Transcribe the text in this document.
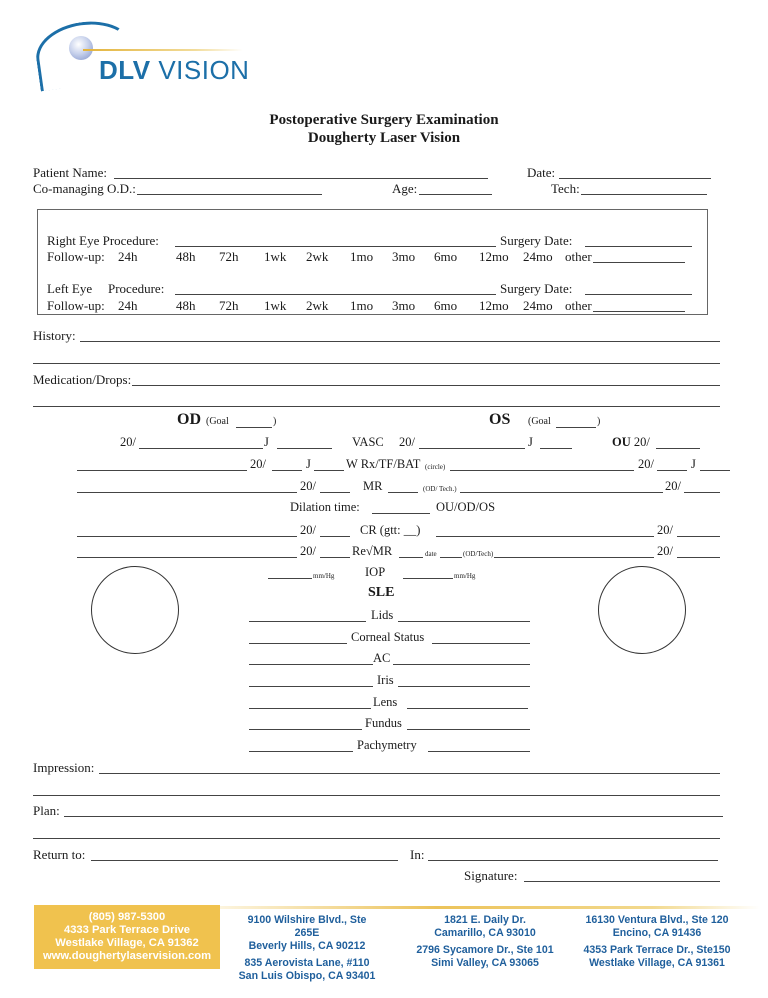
DLV VISION
Postoperative Surgery Examination
Dougherty Laser Vision
Patient Name:	Date:
Co-managing O.D.:	Age:	Tech:
Right Eye Procedure:	Surgery Date:
Follow-up: 24h	48h 72h 1wk 2wk 1mo 3mo 6mo 12mo 24mo other
Left Eye Procedure:	Surgery Date:
Follow-up: 24h	48h 72h 1wk 2wk 1mo 3mo 6mo 12mo 24mo other
History:
Medication/Drops:
OD (Goal	)	OS (Goal	)
20/	J	VASC 20/	J	OU 20/
20/	J	W Rx/TF/BAT (circle)	20/	J
20/	MR	(OD/ Tech.)	20/
Dilation time:	OU/OD/OS
20/	CR (gtt: __)	20/
20/	Re√MR	date	(OD/Tech)	20/
mm/Hg IOP	mm/Hg
SLE
Lids
Corneal Status
AC
Iris
Lens
Fundus
Pachymetry
Impression:
Plan:
Return to:	In:
Signature:
(805) 987-5300
4333 Park Terrace Drive
Westlake Village, CA 91362
www.doughertylaservision.com
9100 Wilshire Blvd., Ste 265E
Beverly Hills, CA 90212
835 Aerovista Lane, #110
San Luis Obispo, CA 93401
1821 E. Daily Dr.
Camarillo, CA 93010
2796 Sycamore Dr., Ste 101
Simi Valley, CA 93065
16130 Ventura Blvd., Ste 120
Encino, CA 91436
4353 Park Terrace Dr., Ste150
Westlake Village, CA 91361
